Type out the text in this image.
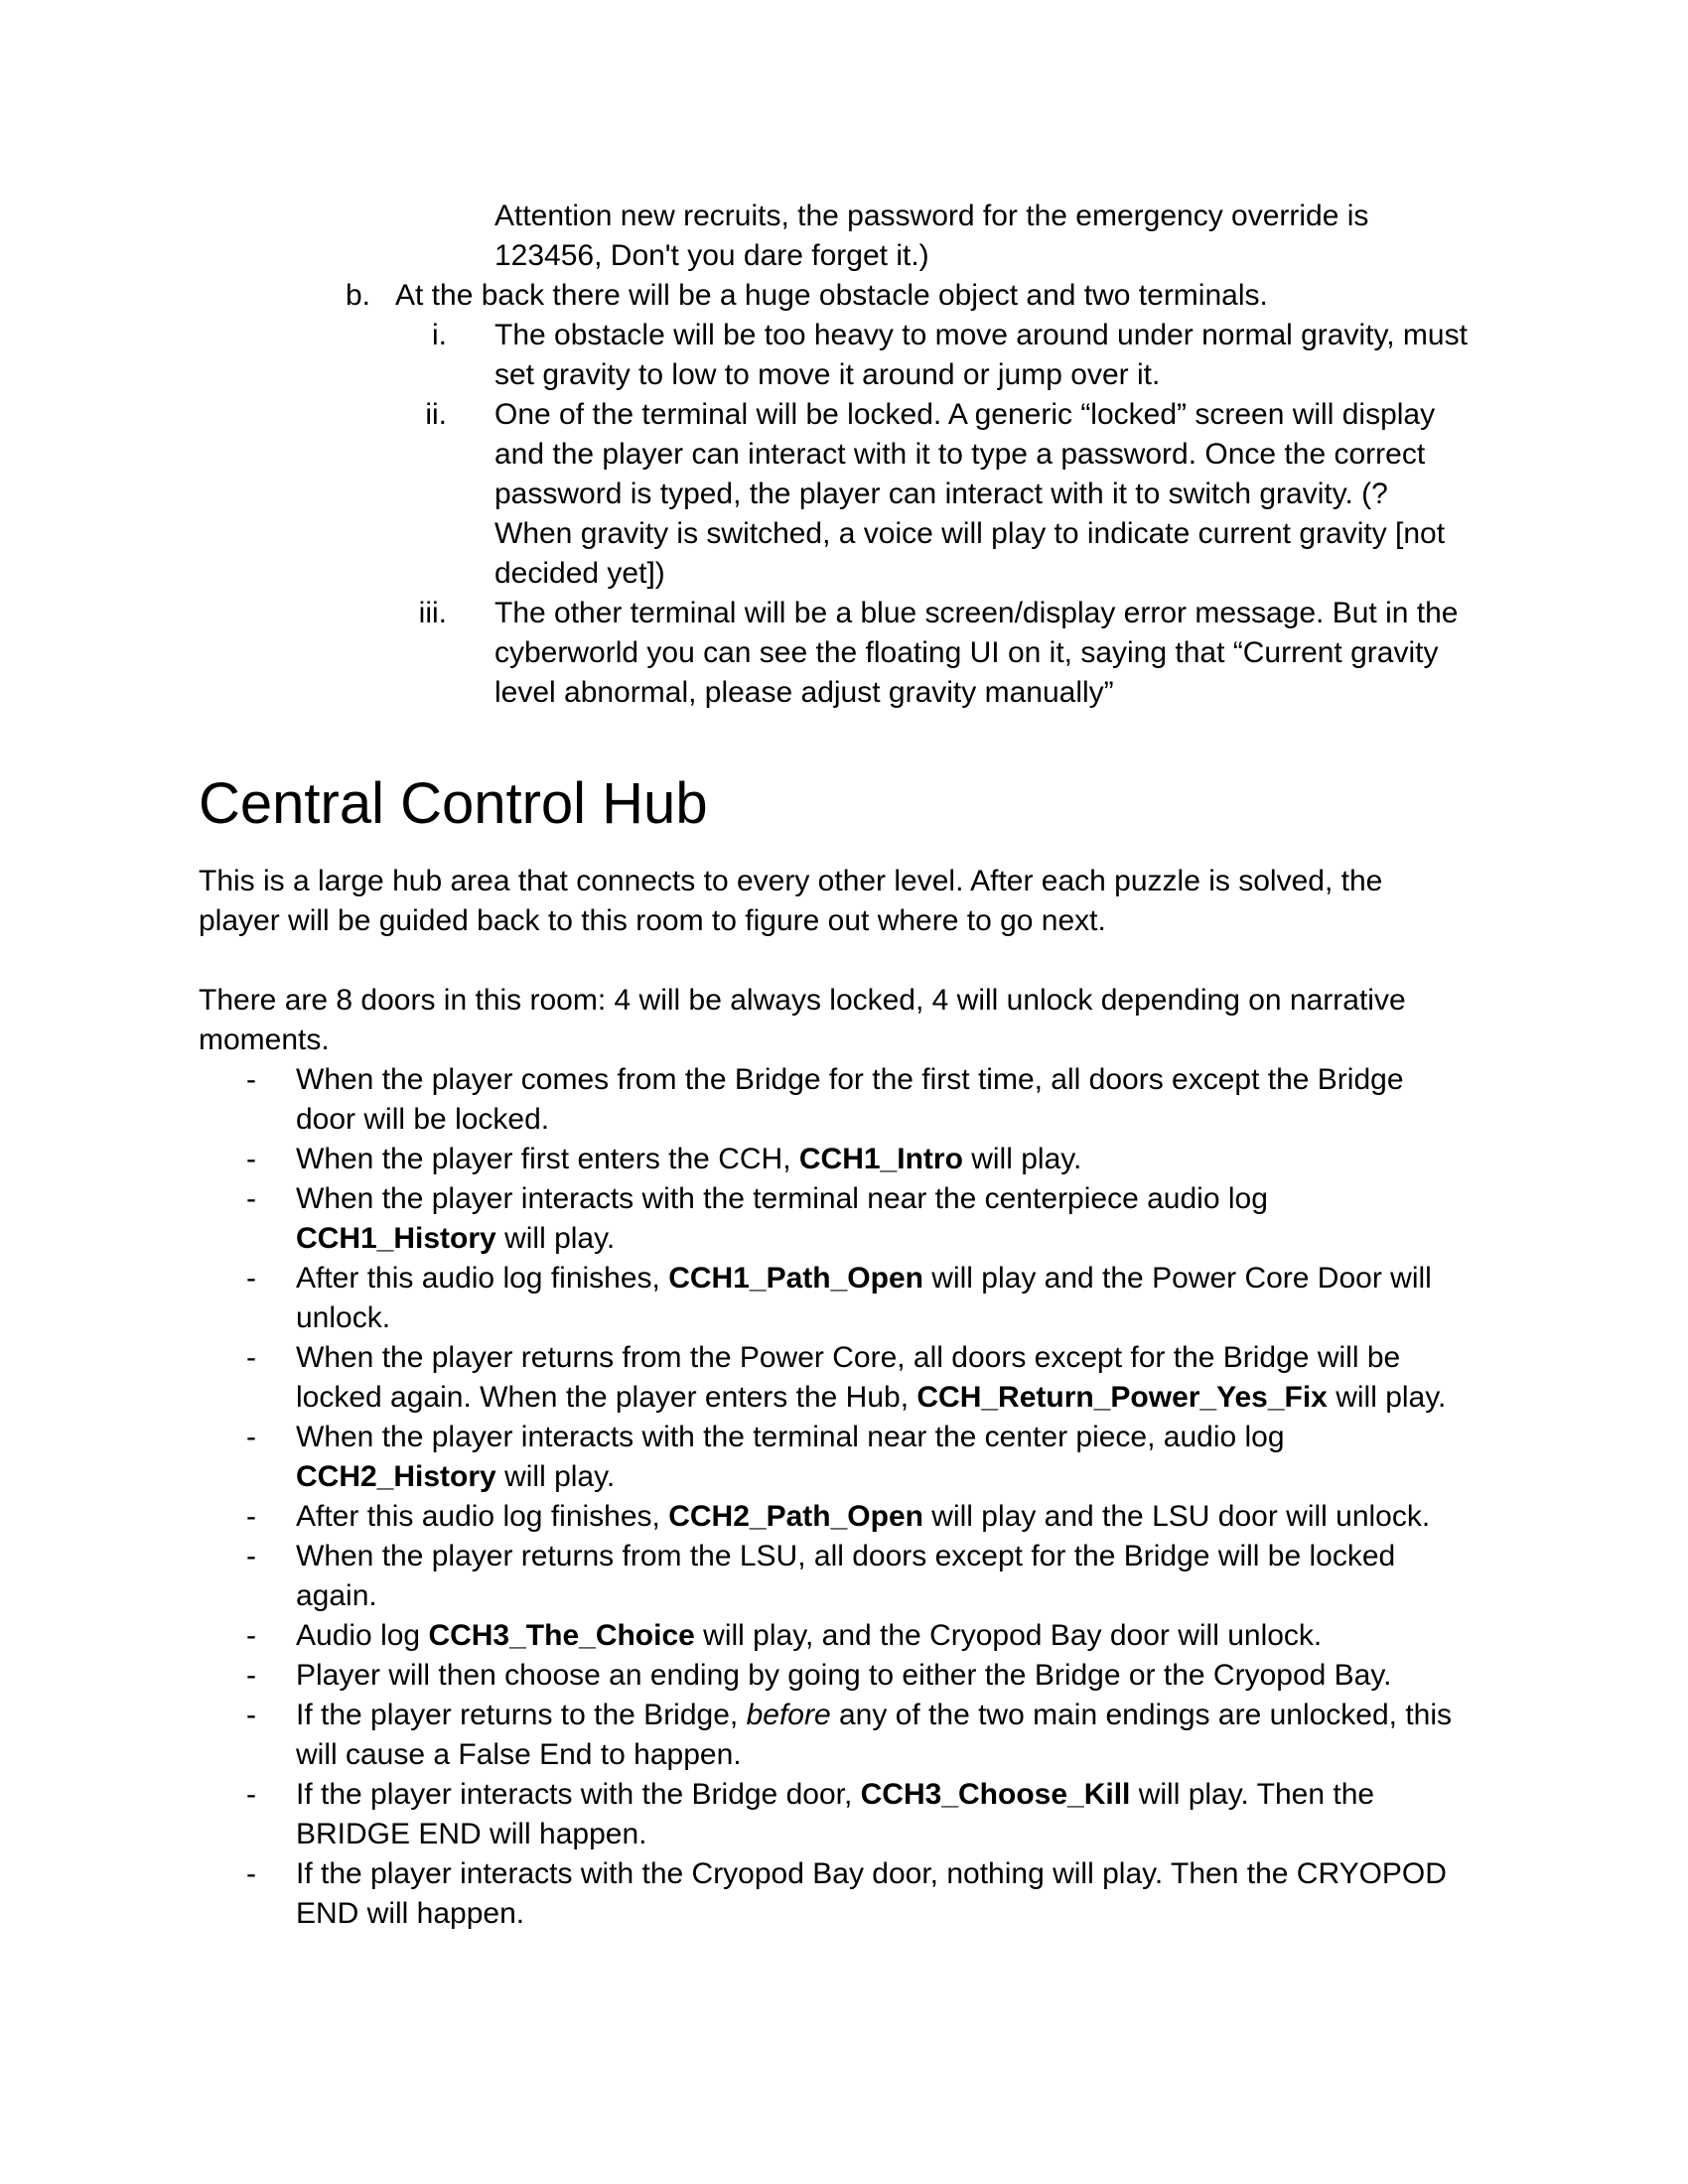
Attention new recruits, the password for the emergency override is
123456, Don't you dare forget it.)
b. At the back there will be a huge obstacle object and two terminals.
i. The obstacle will be too heavy to move around under normal gravity, must
set gravity to low to move it around or jump over it.
ii. One of the terminal will be locked. A generic “locked” screen will display
and the player can interact with it to type a password. Once the correct
password is typed, the player can interact with it to switch gravity. (?
When gravity is switched, a voice will play to indicate current gravity [not
decided yet])
iii. The other terminal will be a blue screen/display error message. But in the
cyberworld you can see the floating UI on it, saying that “Current gravity
level abnormal, please adjust gravity manually”
Central Control Hub
This is a large hub area that connects to every other level. After each puzzle is solved, the
player will be guided back to this room to figure out where to go next.
There are 8 doors in this room: 4 will be always locked, 4 will unlock depending on narrative
moments.
- When the player comes from the Bridge for the first time, all doors except the Bridge
door will be locked.
- When the player first enters the CCH, CCH1_Intro will play.
- When the player interacts with the terminal near the centerpiece audio log
CCH1_History will play.
- After this audio log finishes, CCH1_Path_Open will play and the Power Core Door will
unlock.
- When the player returns from the Power Core, all doors except for the Bridge will be
locked again. When the player enters the Hub, CCH_Return_Power_Yes_Fix will play.
- When the player interacts with the terminal near the center piece, audio log
CCH2_History will play.
- After this audio log finishes, CCH2_Path_Open will play and the LSU door will unlock.
- When the player returns from the LSU, all doors except for the Bridge will be locked
again.
- Audio log CCH3_The_Choice will play, and the Cryopod Bay door will unlock.
- Player will then choose an ending by going to either the Bridge or the Cryopod Bay.
- If the player returns to the Bridge, before any of the two main endings are unlocked, this
will cause a False End to happen.
- If the player interacts with the Bridge door, CCH3_Choose_Kill will play. Then the
BRIDGE END will happen.
- If the player interacts with the Cryopod Bay door, nothing will play. Then the CRYOPOD
END will happen.
